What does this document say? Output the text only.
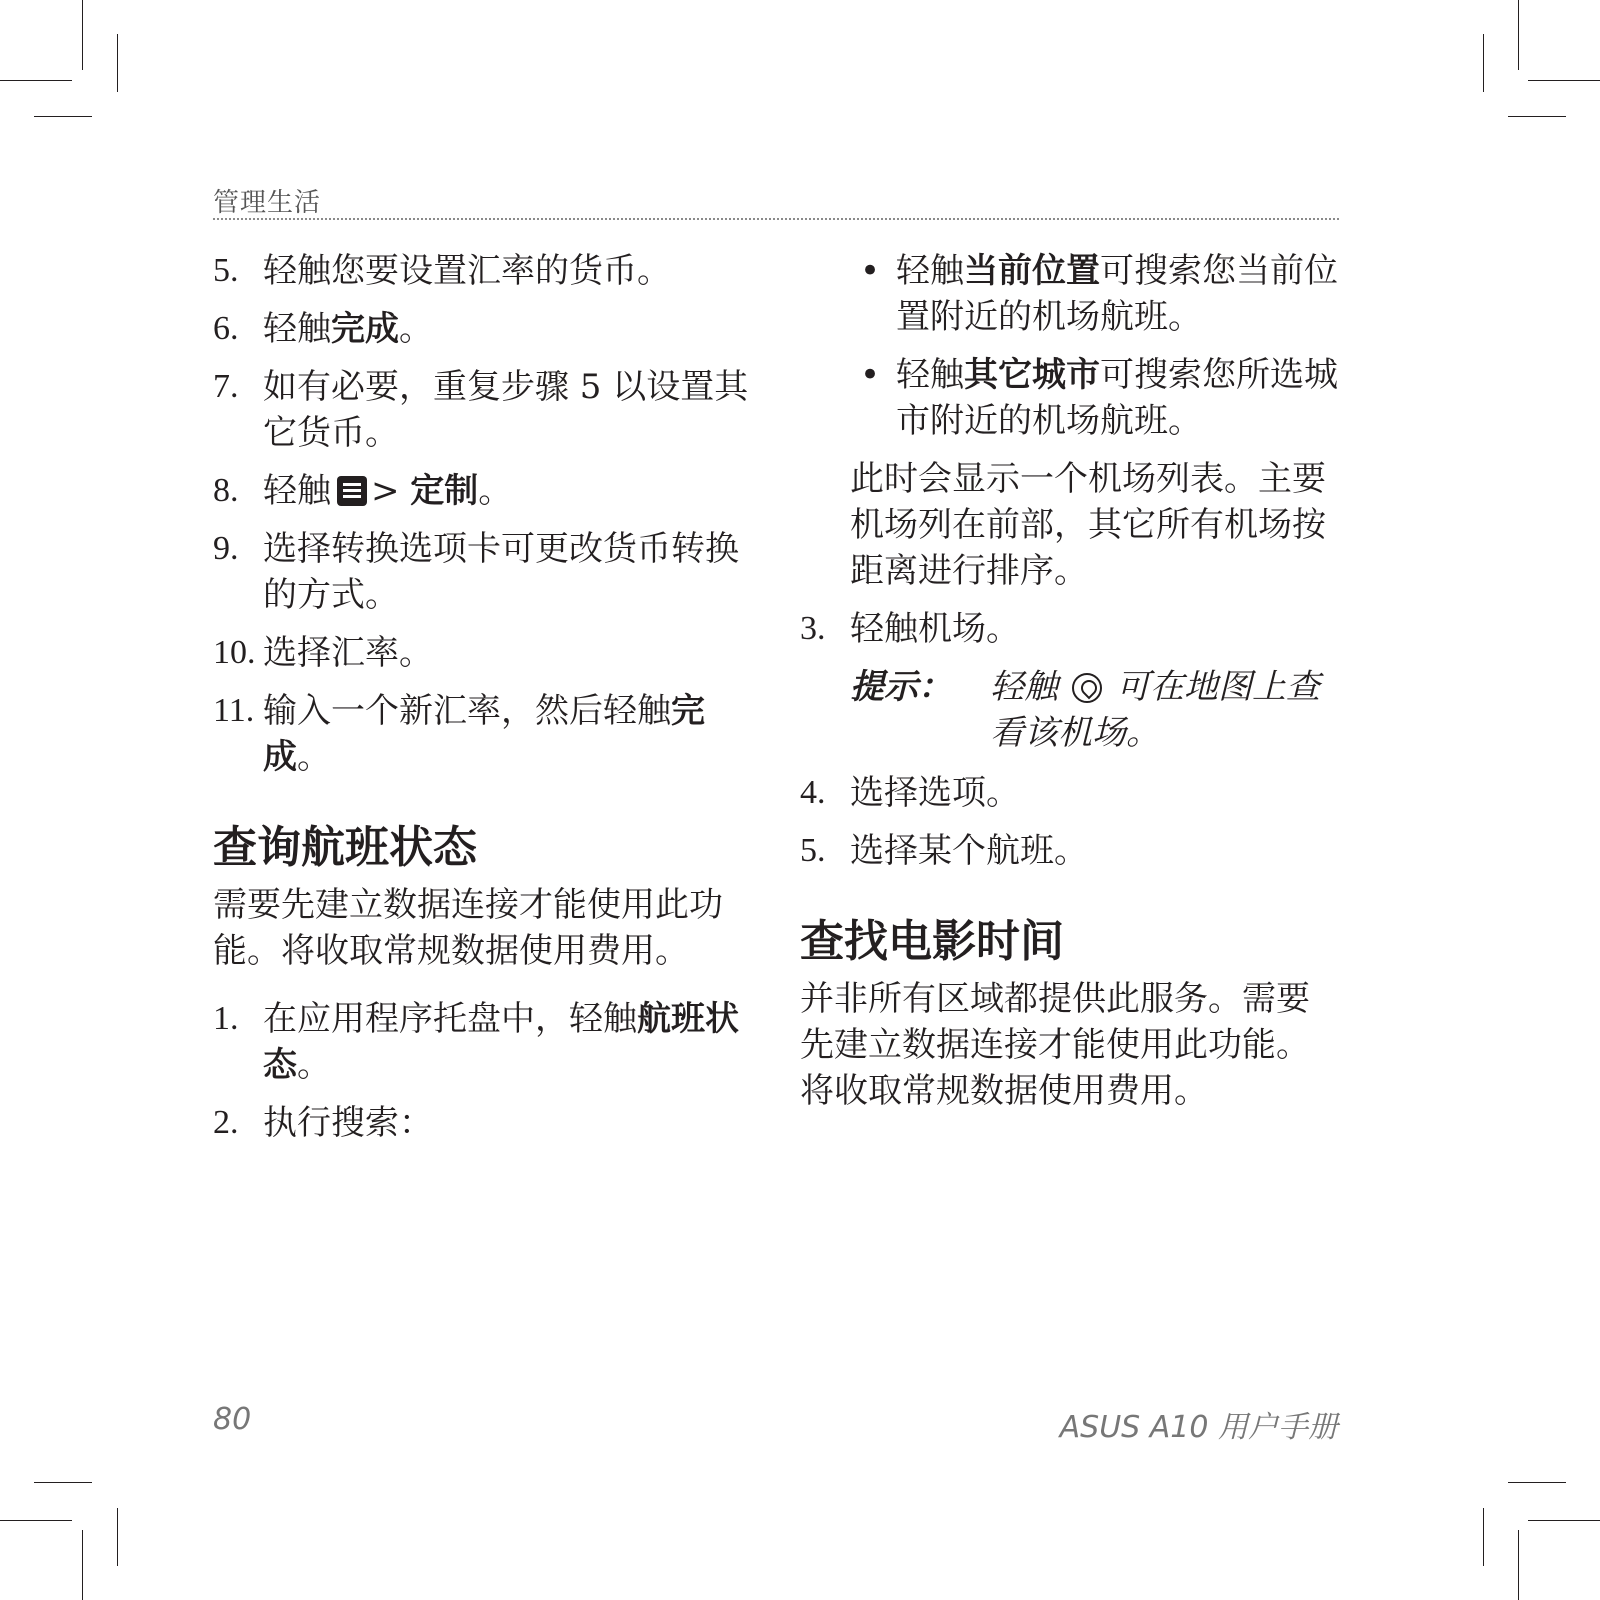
管理生活
5. 轻触您要设置汇率的货币。
6. 轻触完成。
7. 如有必要，重复步骤 5 以设置其它货币。
8. 轻触 > 定制。
9. 选择转换选项卡可更改货币转换的方式。
10. 选择汇率。
11. 输入一个新汇率，然后轻触完成。
查询航班状态
需要先建立数据连接才能使用此功能。将收取常规数据使用费用。
1. 在应用程序托盘中，轻触航班状态。
2. 执行搜索：
• 轻触当前位置可搜索您当前位置附近的机场航班。
• 轻触其它城市可搜索您所选城市附近的机场航班。
此时会显示一个机场列表。主要机场列在前部，其它所有机场按距离进行排序。
3. 轻触机场。
提示： 轻触 可在地图上查看该机场。
4. 选择选项。
5. 选择某个航班。
查找电影时间
并非所有区域都提供此服务。需要先建立数据连接才能使用此功能。将收取常规数据使用费用。
80	ASUS A10 用户手册
